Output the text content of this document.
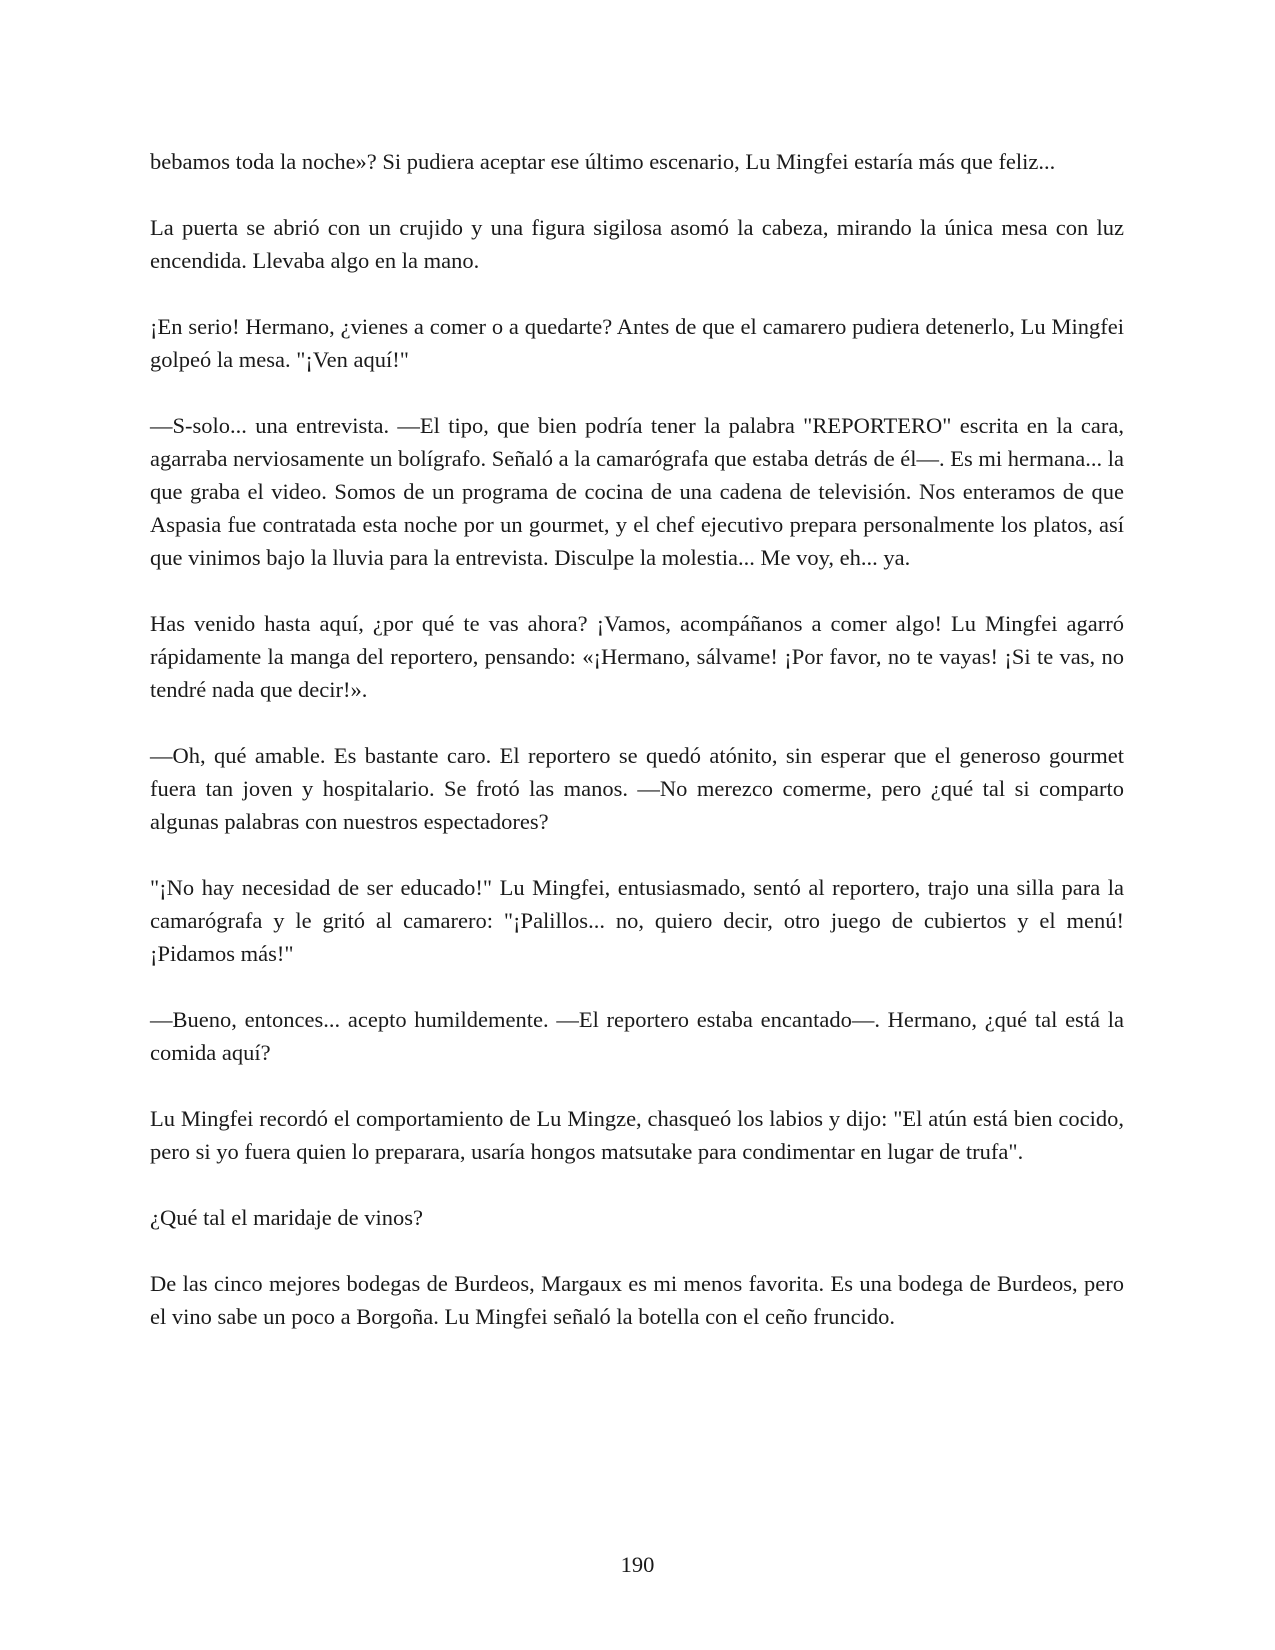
bebamos toda la noche»? Si pudiera aceptar ese último escenario, Lu Mingfei estaría más que feliz...

La puerta se abrió con un crujido y una figura sigilosa asomó la cabeza, mirando la única mesa con luz encendida. Llevaba algo en la mano.

¡En serio! Hermano, ¿vienes a comer o a quedarte? Antes de que el camarero pudiera detenerlo, Lu Mingfei golpeó la mesa. "¡Ven aquí!"

—S-solo... una entrevista. —El tipo, que bien podría tener la palabra "REPORTERO" escrita en la cara, agarraba nerviosamente un bolígrafo. Señaló a la camarógrafa que estaba detrás de él—. Es mi hermana... la que graba el video. Somos de un programa de cocina de una cadena de televisión. Nos enteramos de que Aspasia fue contratada esta noche por un gourmet, y el chef ejecutivo prepara personalmente los platos, así que vinimos bajo la lluvia para la entrevista. Disculpe la molestia... Me voy, eh... ya.

Has venido hasta aquí, ¿por qué te vas ahora? ¡Vamos, acompáñanos a comer algo! Lu Mingfei agarró rápidamente la manga del reportero, pensando: «¡Hermano, sálvame! ¡Por favor, no te vayas! ¡Si te vas, no tendré nada que decir!».

—Oh, qué amable. Es bastante caro. El reportero se quedó atónito, sin esperar que el generoso gourmet fuera tan joven y hospitalario. Se frotó las manos. —No merezco comerme, pero ¿qué tal si comparto algunas palabras con nuestros espectadores?

"¡No hay necesidad de ser educado!" Lu Mingfei, entusiasmado, sentó al reportero, trajo una silla para la camarógrafa y le gritó al camarero: "¡Palillos... no, quiero decir, otro juego de cubiertos y el menú! ¡Pidamos más!"

—Bueno, entonces... acepto humildemente. —El reportero estaba encantado—. Hermano, ¿qué tal está la comida aquí?

Lu Mingfei recordó el comportamiento de Lu Mingze, chasqueó los labios y dijo: "El atún está bien cocido, pero si yo fuera quien lo preparara, usaría hongos matsutake para condimentar en lugar de trufa".

¿Qué tal el maridaje de vinos?

De las cinco mejores bodegas de Burdeos, Margaux es mi menos favorita. Es una bodega de Burdeos, pero el vino sabe un poco a Borgoña. Lu Mingfei señaló la botella con el ceño fruncido.

190
